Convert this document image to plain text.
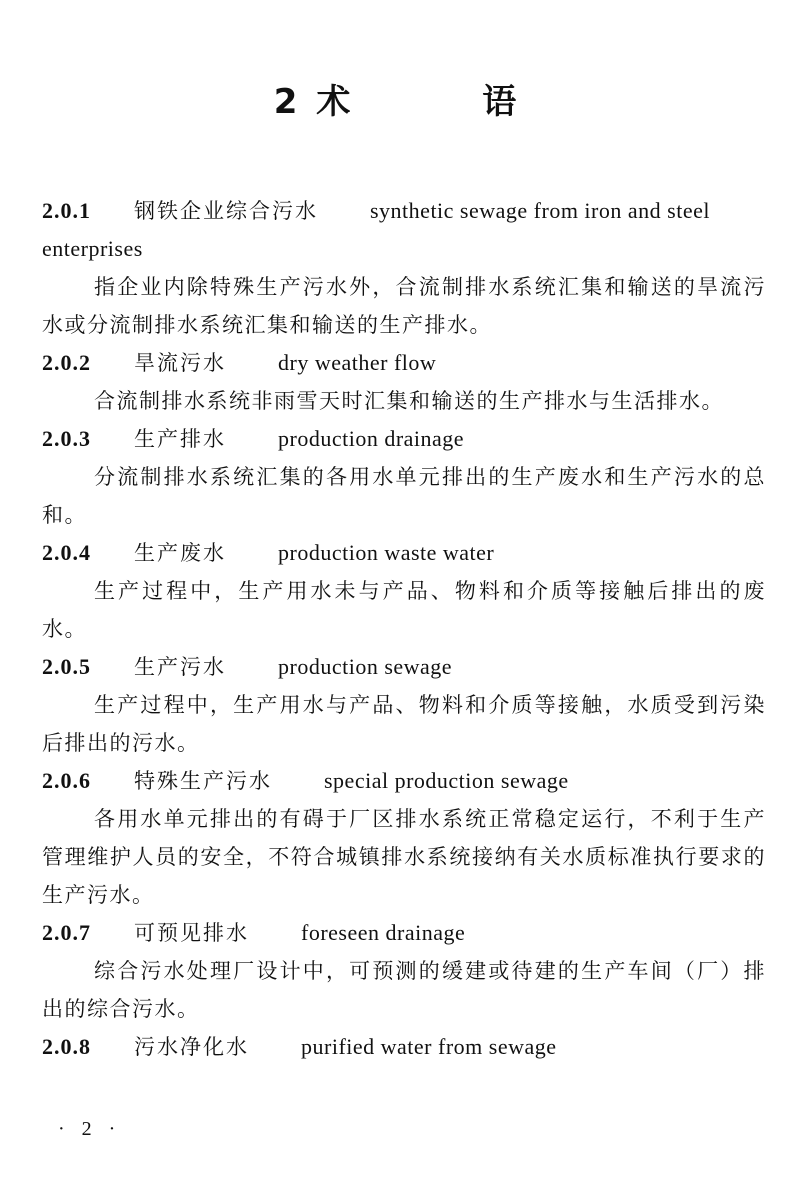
2 术 语
2.0.1 钢铁企业综合污水 synthetic sewage from iron and steel enterprises

指企业内除特殊生产污水外，合流制排水系统汇集和输送的旱流污水或分流制排水系统汇集和输送的生产排水。

2.0.2 旱流污水 dry weather flow

合流制排水系统非雨雪天时汇集和输送的生产排水与生活排水。

2.0.3 生产排水 production drainage

分流制排水系统汇集的各用水单元排出的生产废水和生产污水的总和。

2.0.4 生产废水 production waste water

生产过程中，生产用水未与产品、物料和介质等接触后排出的废水。

2.0.5 生产污水 production sewage

生产过程中，生产用水与产品、物料和介质等接触，水质受到污染后排出的污水。

2.0.6 特殊生产污水 special production sewage

各用水单元排出的有碍于厂区排水系统正常稳定运行，不利于生产管理维护人员的安全，不符合城镇排水系统接纳有关水质标准执行要求的生产污水。

2.0.7 可预见排水 foreseen drainage

综合污水处理厂设计中，可预测的缓建或待建的生产车间（厂）排出的综合污水。

2.0.8 污水净化水 purified water from sewage
· 2 ·
